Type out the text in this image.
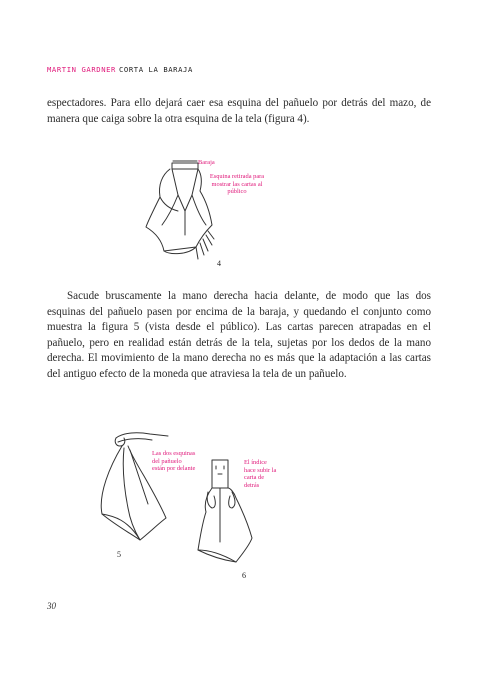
MARTIN GARDNER CORTA LA BARAJA

espectadores. Para ello dejará caer esa esquina del pañuelo por detrás del mazo, de manera que caiga sobre la otra esquina de la tela (figura 4).

Baraja
Esquina retirada para mostrar las cartas al público
4

Sacude bruscamente la mano derecha hacia delante, de modo que las dos esquinas del pañuelo pasen por encima de la baraja, y quedando el conjunto como muestra la figura 5 (vista desde el público). Las cartas parecen atrapadas en el pañuelo, pero en realidad están detrás de la tela, sujetas por los dedos de la mano derecha. El movimiento de la mano derecha no es más que la adaptación a las cartas del antiguo efecto de la moneda que atraviesa la tela de un pañuelo.

Las dos esquinas del pañuelo están por delante
5
El índice hace subir la carta de detrás
6
30
